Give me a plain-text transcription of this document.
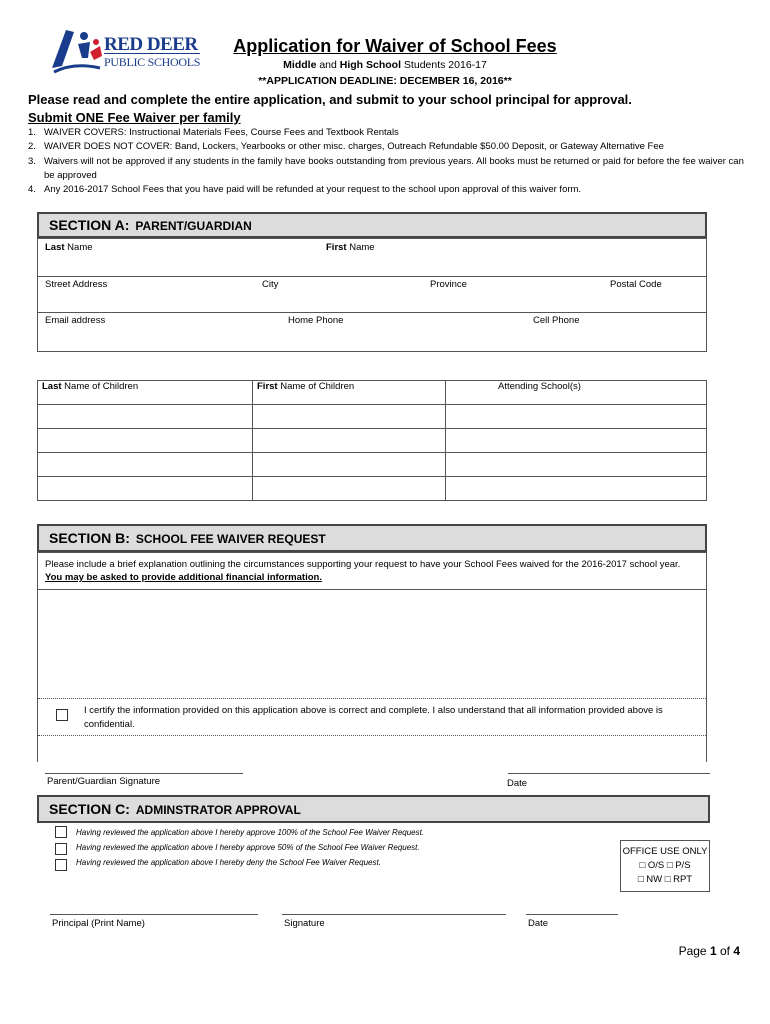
RED DEER
PUBLIC SCHOOLS
Application for Waiver of School Fees
Middle and High School Students 2016-17
**APPLICATION DEADLINE: DECEMBER 16, 2016**
Please read and complete the entire application, and submit to your school principal for approval.
Submit ONE Fee Waiver per family
1. WAIVER COVERS: Instructional Materials Fees, Course Fees and Textbook Rentals
2. WAIVER DOES NOT COVER: Band, Lockers, Yearbooks or other misc. charges, Outreach Refundable $50.00 Deposit, or Gateway Alternative Fee
3. Waivers will not be approved if any students in the family have books outstanding from previous years. All books must be returned or paid for before the fee waiver can be approved
4. Any 2016-2017 School Fees that you have paid will be refunded at your request to the school upon approval of this waiver form.
SECTION A: PARENT/GUARDIAN
Last Name	First Name
Street Address	City	Province	Postal Code
Email address	Home Phone	Cell Phone
Last Name of Children	First Name of Children	Attending School(s)

SECTION B: SCHOOL FEE WAIVER REQUEST
Please include a brief explanation outlining the circumstances supporting your request to have your School Fees waived for the 2016-2017 school year. You may be asked to provide additional financial information.
I certify the information provided on this application above is correct and complete. I also understand that all information provided above is confidential.
Parent/Guardian Signature	Date
SECTION C: ADMINSTRATOR APPROVAL
Having reviewed the application above I hereby approve 100% of the School Fee Waiver Request.
Having reviewed the application above I hereby approve 50% of the School Fee Waiver Request.
Having reviewed the application above I hereby deny the School Fee Waiver Request.
OFFICE USE ONLY
□ O/S □ P/S
□ NW □ RPT
Principal (Print Name)	Signature	Date
Page 1 of 4
